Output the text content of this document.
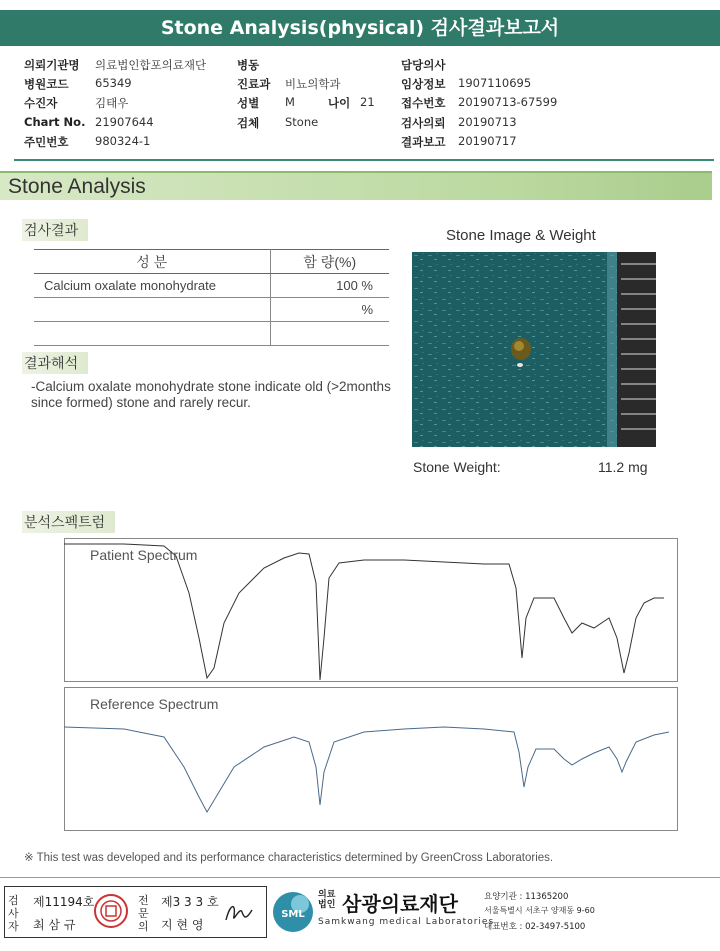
Stone Analysis(physical) 검사결과보고서
의뢰기관명 의료법인합포의료재단
병원코드 65349
수진자	김태우
Chart No. 21907644
주민번호 980324-1
병동
진료과 비뇨의학과
성별 M	나이 21
검체 Stone
담당의사
임상정보 1907110695
접수번호 20190713-67599
검사의뢰 20190713
결과보고 20190717
Stone Analysis
검사결과
성 분	함 량(%)
Calcium oxalate monohydrate	100 %
	%

결과해석
-Calcium oxalate monohydrate stone indicate old (>2months since formed) stone and rarely recur.
Stone Image & Weight
Stone Weight:	11.2 mg
분석스펙트럼
Patient Spectrum
Reference Spectrum
※ This test was developed and its performance characteristics determined by GreenCross Laboratories.
검사자
제11194호
최 삼 규
전문의
제3 3 3 호
지 현 영
SML
의료
법인 삼광의료재단
Samkwang medical Laboratories
요양기관 : 11365200
서울특별시 서초구 양재동 9-60
대표번호 : 02-3497-5100
